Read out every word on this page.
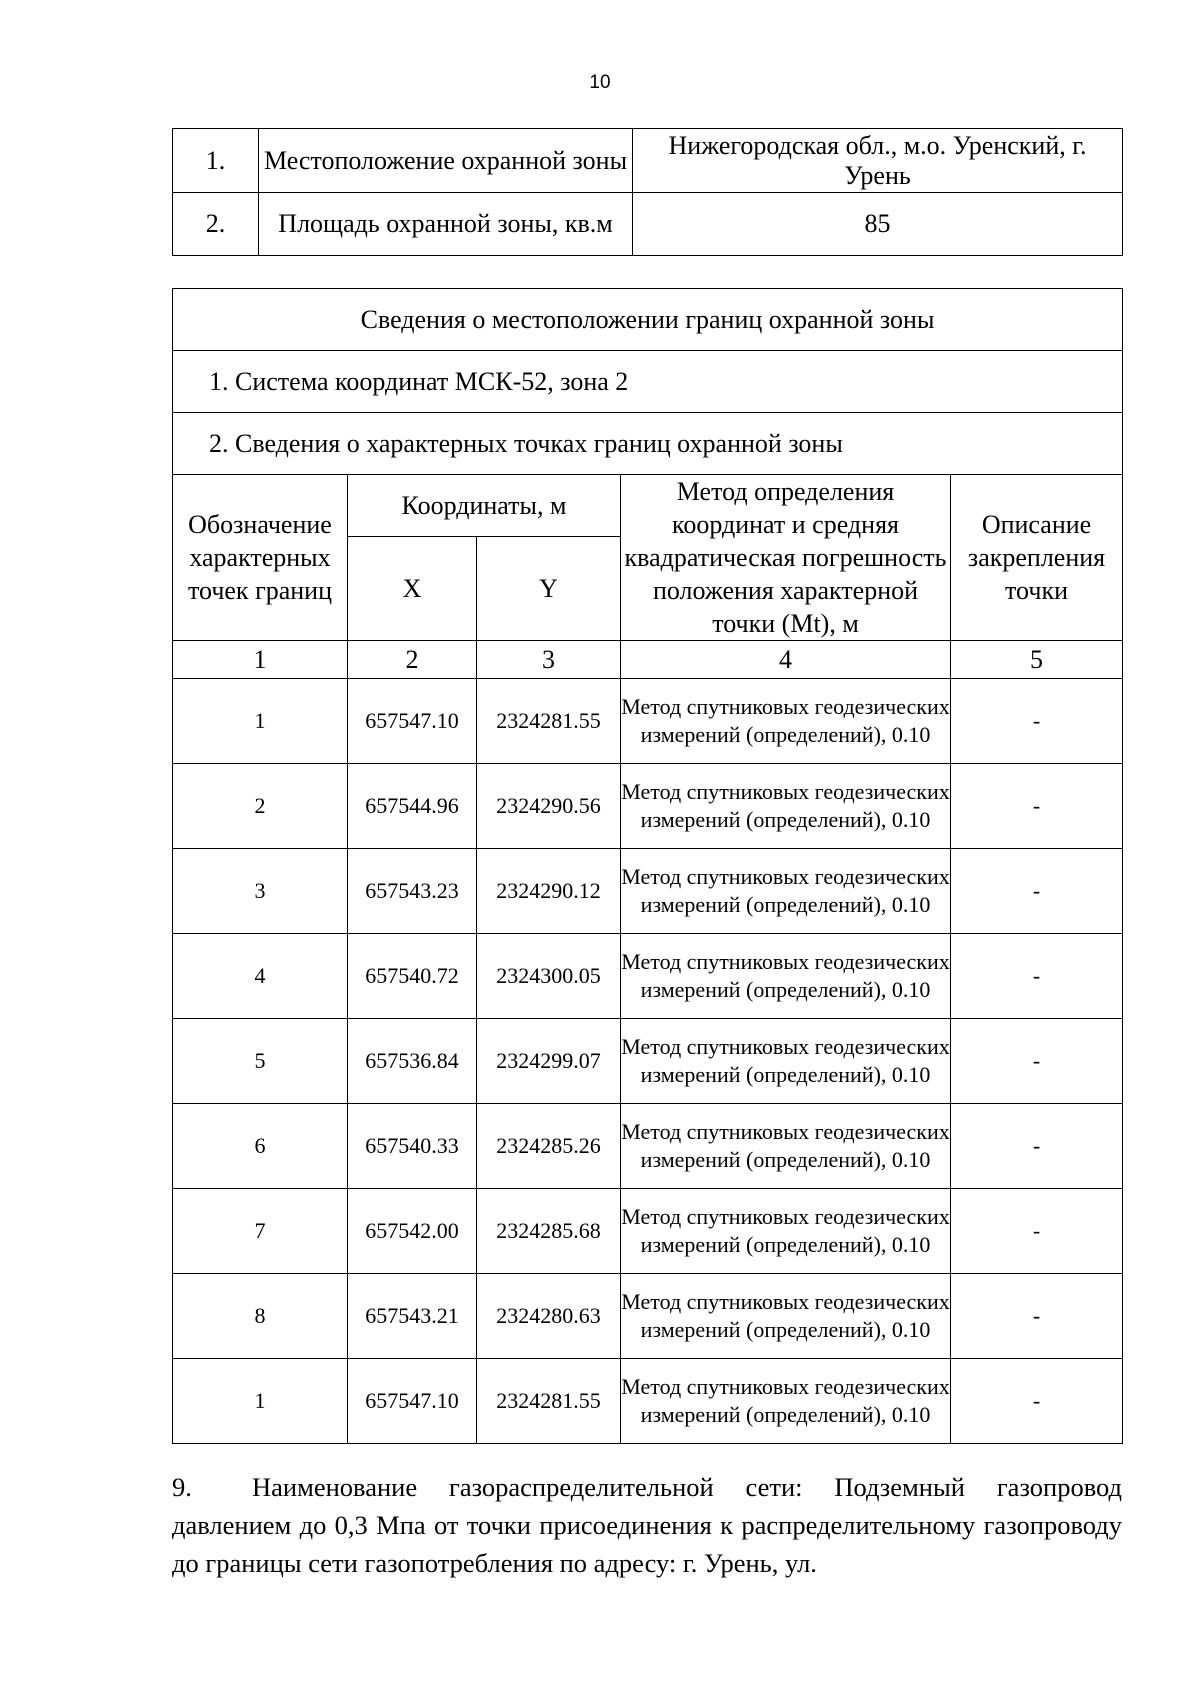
10
1.	Местоположение охранной зоны	Нижегородская обл., м.о. Уренский, г. Урень
2.	Площадь охранной зоны, кв.м	85
Сведения о местоположении границ охранной зоны				
1. Система координат МСК-52, зона 2				
2. Сведения о характерных точках границ охранной зоны				
Обозначение характерных точек границ	Координаты, м		Метод определения координат и средняя квадратическая погрешность положения характерной точки (Mt), м	Описание закрепления точки
	X	Y		
1	2	3	4	5
1	657547.10	2324281.55	Метод спутниковых геодезических измерений (определений), 0.10	-
2	657544.96	2324290.56	Метод спутниковых геодезических измерений (определений), 0.10	-
3	657543.23	2324290.12	Метод спутниковых геодезических измерений (определений), 0.10	-
4	657540.72	2324300.05	Метод спутниковых геодезических измерений (определений), 0.10	-
5	657536.84	2324299.07	Метод спутниковых геодезических измерений (определений), 0.10	-
6	657540.33	2324285.26	Метод спутниковых геодезических измерений (определений), 0.10	-
7	657542.00	2324285.68	Метод спутниковых геодезических измерений (определений), 0.10	-
8	657543.21	2324280.63	Метод спутниковых геодезических измерений (определений), 0.10	-
1	657547.10	2324281.55	Метод спутниковых геодезических измерений (определений), 0.10	-
9. Наименование газораспределительной сети: Подземный газопровод давлением до 0,3 Мпа от точки присоединения к распределительному газопроводу до границы сети газопотребления по адресу: г. Урень, ул.
